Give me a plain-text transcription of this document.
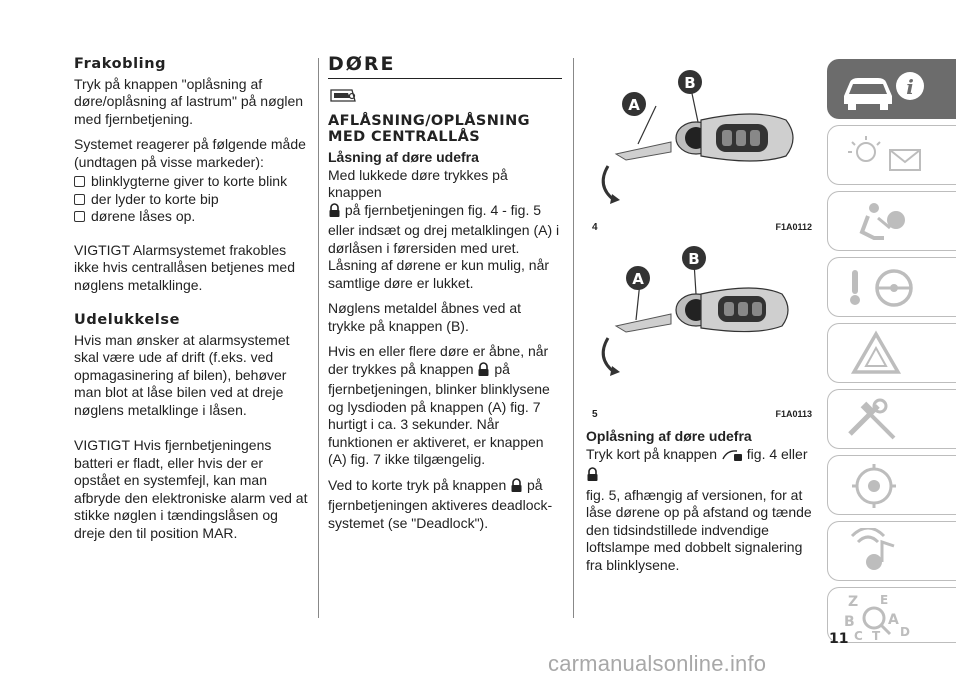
Frakobling

Tryk på knappen "oplåsning af døre/oplåsning af lastrum" på nøglen med fjernbetjening.

Systemet reagerer på følgende måde (undtagen på visse markeder):

blinklygterne giver to korte blink
der lyder to korte bip
dørene låses op.

VIGTIGT Alarmsystemet frakobles ikke hvis centrallåsen betjenes med nøglens metalklinge.

Udelukkelse

Hvis man ønsker at alarmsystemet skal være ude af drift (f.eks. ved opmagasinering af bilen), behøver man blot at låse bilen ved at dreje nøglens metalklinge i låsen.

VIGTIGT Hvis fjernbetjeningens batteri er fladt, eller hvis der er opstået en systemfejl, kan man afbryde den elektroniske alarm ved at stikke nøglen i tændingslåsen og dreje den til position MAR.

DØRE
AFLÅSNING/OPLÅSNING MED CENTRALLÅS
Låsning af døre udefra

Med lukkede døre trykkes på knappen
på fjernbetjeningen fig. 4 - fig. 5 eller indsæt og drej metalklingen (A) i dørlåsen i førersiden med uret. Låsning af dørene er kun mulig, når samtlige døre er lukket.

Nøglens metaldel åbnes ved at trykke på knappen (B).

Hvis en eller flere døre er åbne, når der trykkes på knappen på fjernbetjeningen, blinker blinklysene og lysdioden på knappen (A) fig. 7 hurtigt i ca. 3 sekunder. Når funktionen er aktiveret, er knappen (A) fig. 7 ikke tilgængelig.

Ved to korte tryk på knappen på fjernbetjeningen aktiveres deadlock-systemet (se "Deadlock").

A
B
4	F1A0112
A
B
5	F1A0113
Oplåsning af døre udefra

Tryk kort på knappen fig. 4 eller
fig. 5, afhængig af versionen, for at låse dørene op på afstand og tænde den tidsindstillede indvendige loftslampe med dobbelt signalering fra blinklysene.

i
Z E
B A
D
C T
11
carmanualsonline.info
